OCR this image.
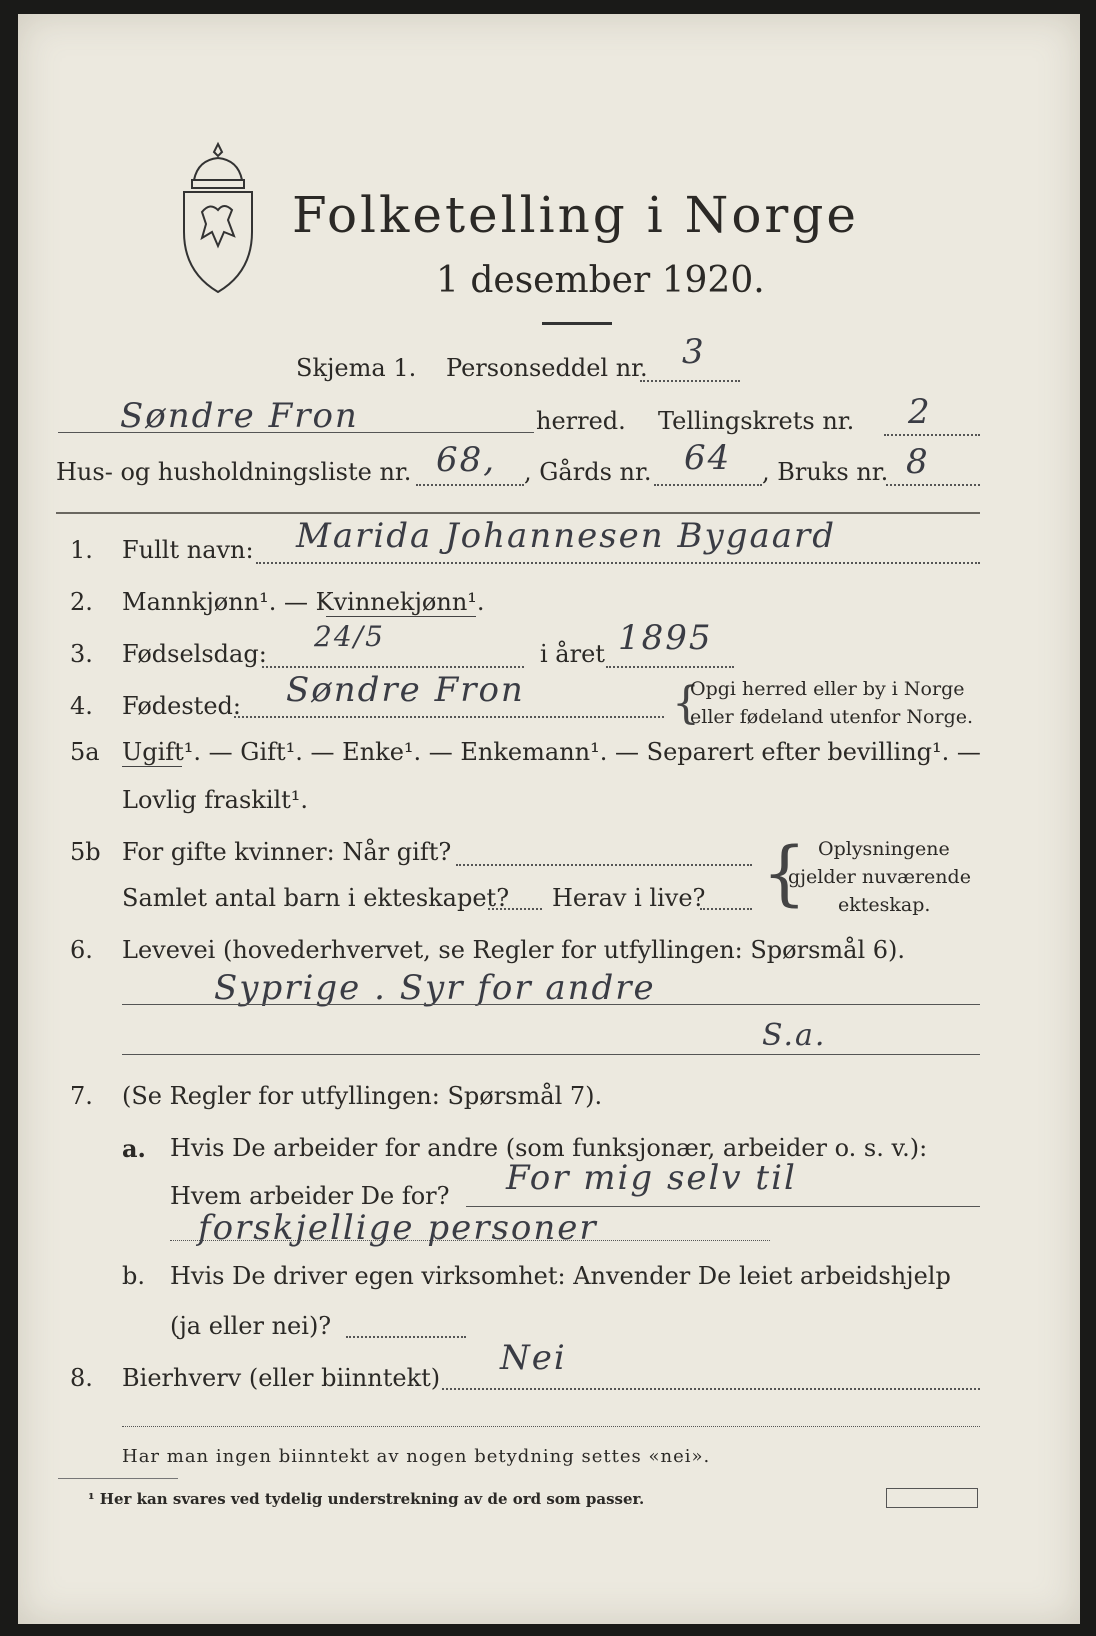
Folketelling i Norge
1 desember 1920.
Skjema 1. Personseddel nr. 3
Søndre Fron	herred. Tellingskrets nr. 2
Hus- og husholdningsliste nr. 68, , Gårds nr. 64 , Bruks nr. 8
1. Fullt navn: Marida Johannesen Bygaard
2. Mannkjønn¹. — Kvinnekjønn¹.
3. Fødselsdag:
24/5
i året 1895
4. Fødested: Søndre Fron	{
Opgi herred eller by i Norge
eller fødeland utenfor Norge.
5a Ugift¹. — Gift¹. — Enke¹. — Enkemann¹. — Separert efter bevilling¹. —
Lovlig fraskilt¹.
5b For gifte kvinner: Når gift?
Samlet antal barn i ekteskapet? Herav i live? { Oplysningene
gjelder nuværende
ekteskap.
6. Levevei (hovederhvervet, se Regler for utfyllingen: Spørsmål 6).
Syprige . Syr for andre
S.a.
7. (Se Regler for utfyllingen: Spørsmål 7).
a. Hvis De arbeider for andre (som funksjonær, arbeider o. s. v.):
Hvem arbeider De for? For mig selv til
forskjellige personer
b. Hvis De driver egen virksomhet: Anvender De leiet arbeidshjelp
(ja eller nei)?
8. Bierhverv (eller biinntekt) Nei
Har man ingen biinntekt av nogen betydning settes «nei».
¹ Her kan svares ved tydelig understrekning av de ord som passer.
